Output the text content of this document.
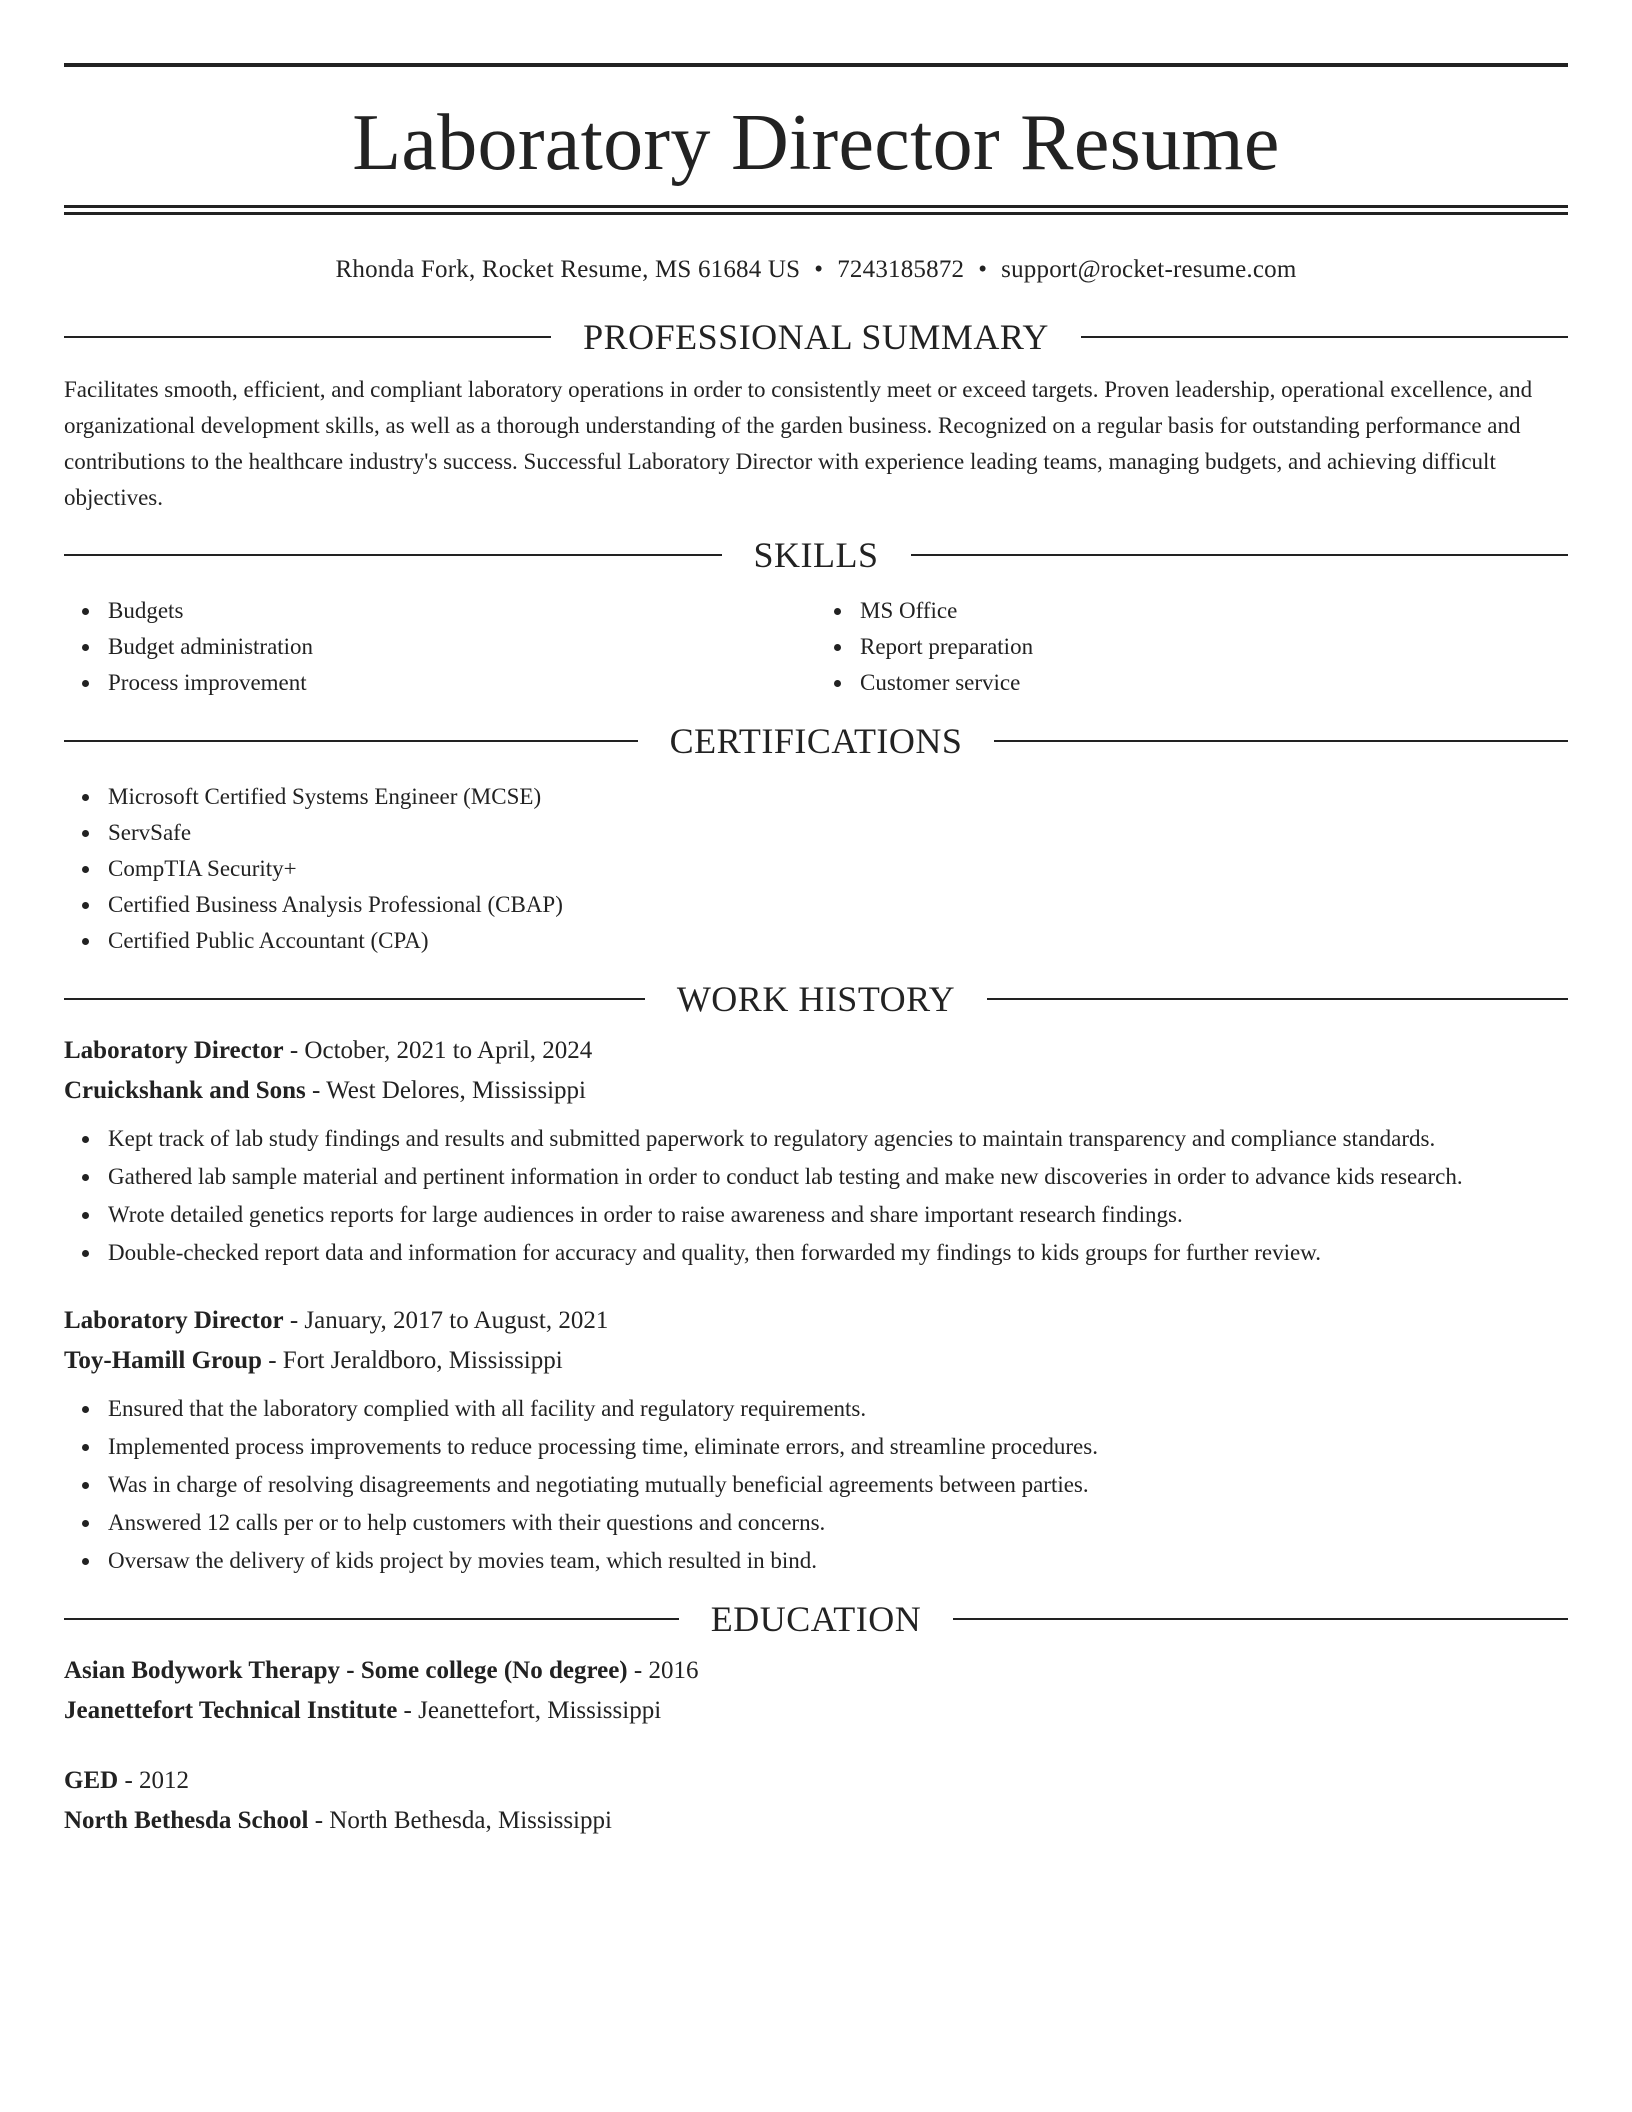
Laboratory Director Resume
Rhonda Fork, Rocket Resume, MS 61684 US • 7243185872 • support@rocket-resume.com
PROFESSIONAL SUMMARY

Facilitates smooth, efficient, and compliant laboratory operations in order to consistently meet or exceed targets. Proven leadership, operational excellence, and organizational development skills, as well as a thorough understanding of the garden business. Recognized on a regular basis for outstanding performance and contributions to the healthcare industry's success. Successful Laboratory Director with experience leading teams, managing budgets, and achieving difficult objectives.

SKILLS
Budgets
Budget administration
Process improvement
MS Office
Report preparation
Customer service
CERTIFICATIONS
Microsoft Certified Systems Engineer (MCSE)
ServSafe
CompTIA Security+
Certified Business Analysis Professional (CBAP)
Certified Public Accountant (CPA)
WORK HISTORY
Laboratory Director - October, 2021 to April, 2024
Cruickshank and Sons - West Delores, Mississippi
Kept track of lab study findings and results and submitted paperwork to regulatory agencies to maintain transparency and compliance standards.
Gathered lab sample material and pertinent information in order to conduct lab testing and make new discoveries in order to advance kids research.
Wrote detailed genetics reports for large audiences in order to raise awareness and share important research findings.
Double-checked report data and information for accuracy and quality, then forwarded my findings to kids groups for further review.
Laboratory Director - January, 2017 to August, 2021
Toy-Hamill Group - Fort Jeraldboro, Mississippi
Ensured that the laboratory complied with all facility and regulatory requirements.
Implemented process improvements to reduce processing time, eliminate errors, and streamline procedures.
Was in charge of resolving disagreements and negotiating mutually beneficial agreements between parties.
Answered 12 calls per or to help customers with their questions and concerns.
Oversaw the delivery of kids project by movies team, which resulted in bind.
EDUCATION
Asian Bodywork Therapy - Some college (No degree) - 2016
Jeanettefort Technical Institute - Jeanettefort, Mississippi
GED - 2012
North Bethesda School - North Bethesda, Mississippi
